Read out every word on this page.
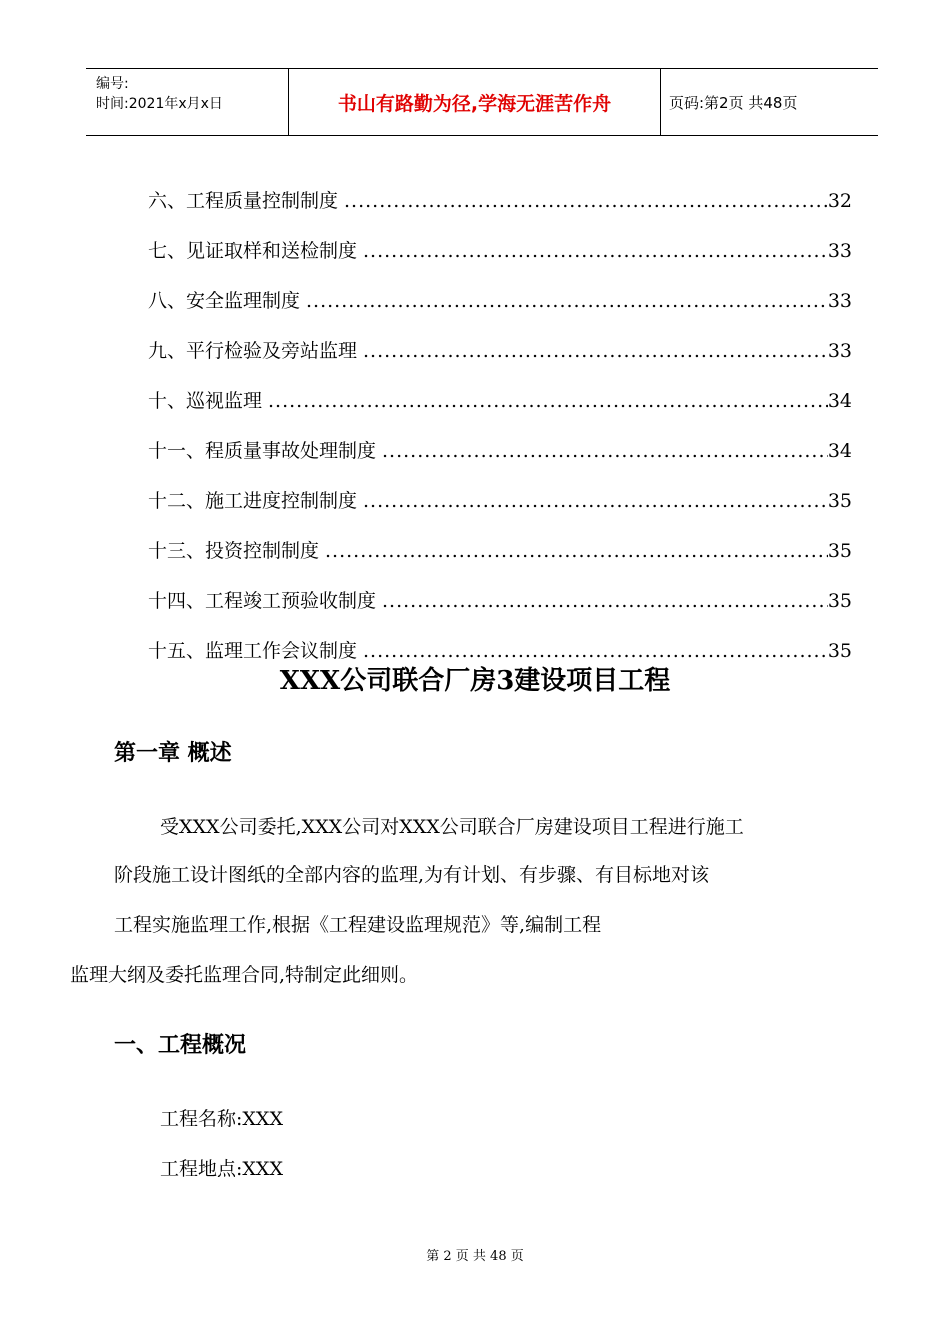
编号:
时间:2021年x月x日	书山有路勤为径,学海无涯苦作舟	页码:第2页 共48页
六、工程质量控制制度 .....	32
七、见证取样和送检制度 .....	33
八、安全监理制度 .....	33
九、平行检验及旁站监理 .....	33
十、巡视监理 .....	34
十一、程质量事故处理制度 .....	34
十二、施工进度控制制度 .....	35
十三、投资控制制度 .....	35
十四、工程竣工预验收制度 .....	35
十五、监理工作会议制度 .....	35
XXX公司联合厂房3建设项目工程
第一章 概述
受XXX公司委托,XXX公司对XXX公司联合厂房建设项目工程进行施工
阶段施工设计图纸的全部内容的监理,为有计划、有步骤、有目标地对该
工程实施监理工作,根据《工程建设监理规范》等,编制工程
监理大纲及委托监理合同,特制定此细则。
一、工程概况
工程名称:XXX
工程地点:XXX
第 2 页 共 48 页
